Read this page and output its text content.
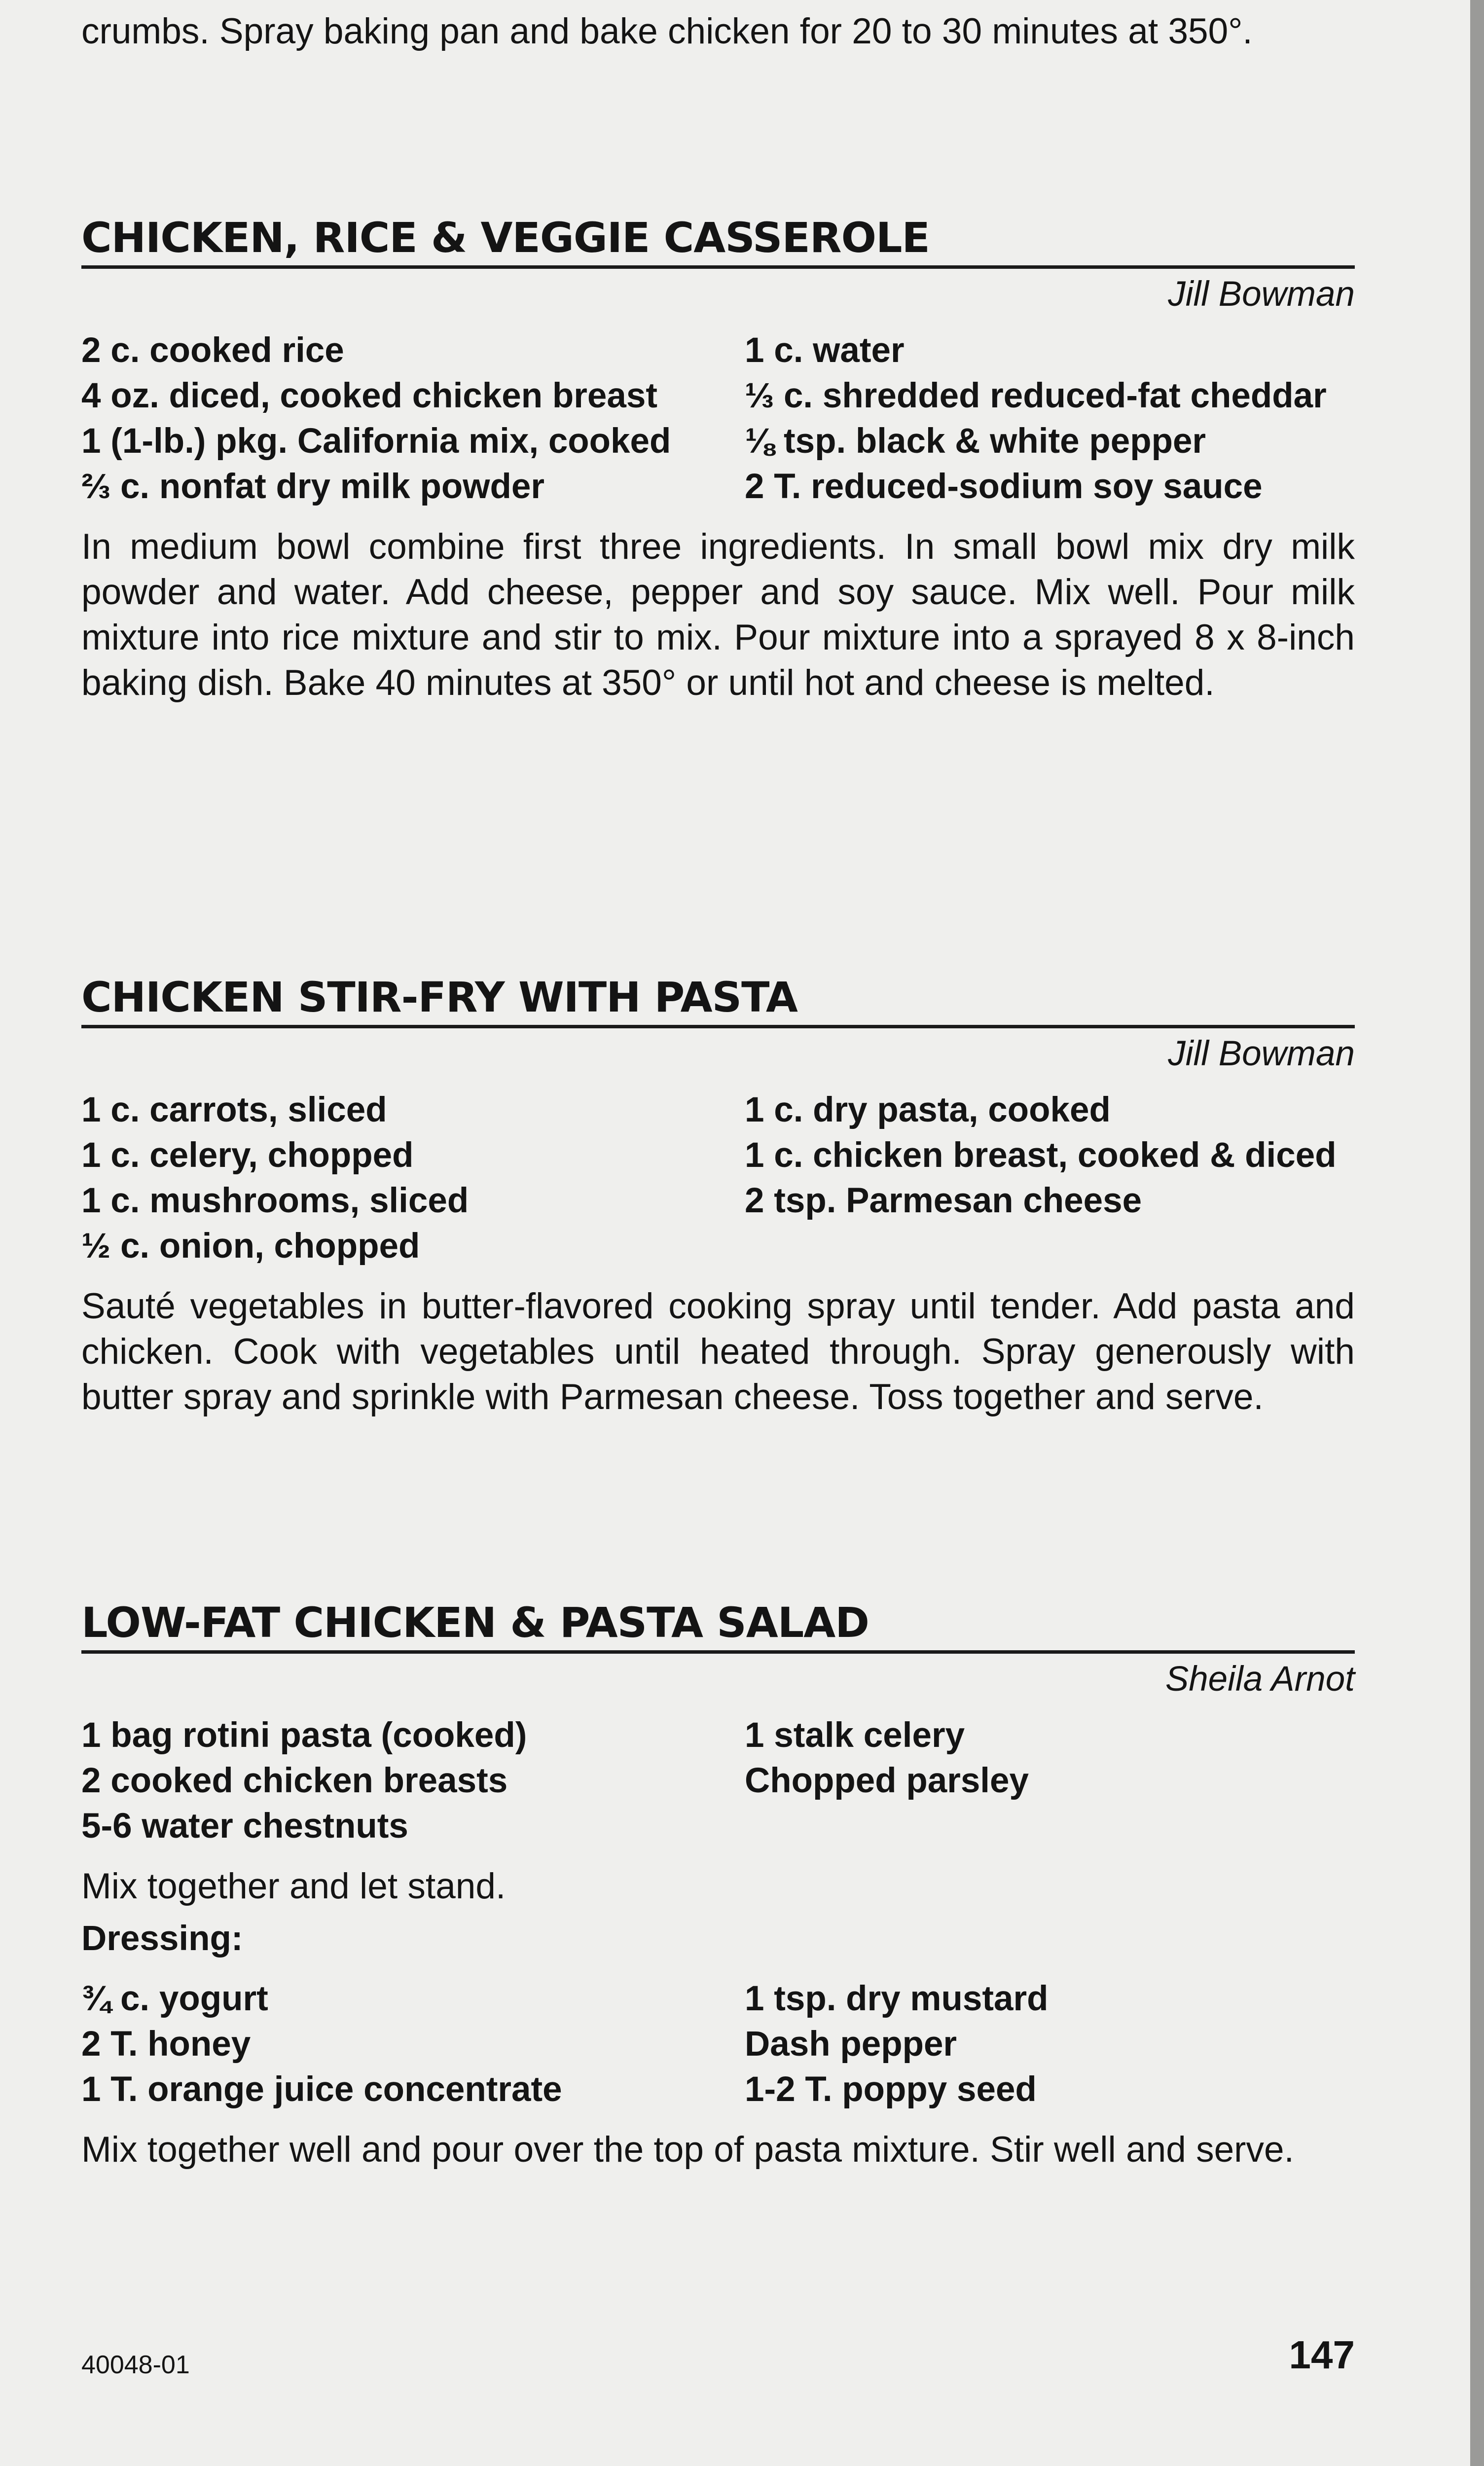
crumbs. Spray baking pan and bake chicken for 20 to 30 minutes at 350°.

CHICKEN, RICE & VEGGIE CASSEROLE

Jill Bowman

2 c. cooked rice

4 oz. diced, cooked chicken breast

1 (1-lb.) pkg. California mix, cooked

⅔ c. nonfat dry milk powder

1 c. water

⅓ c. shredded reduced-fat cheddar

⅛ tsp. black & white pepper

2 T. reduced-sodium soy sauce

In medium bowl combine first three ingredients. In small bowl mix dry milk powder and water. Add cheese, pepper and soy sauce. Mix well. Pour milk mixture into rice mixture and stir to mix. Pour mixture into a sprayed 8 x 8-inch baking dish. Bake 40 minutes at 350° or until hot and cheese is melted.

CHICKEN STIR-FRY WITH PASTA

Jill Bowman

1 c. carrots, sliced

1 c. celery, chopped

1 c. mushrooms, sliced

½ c. onion, chopped

1 c. dry pasta, cooked

1 c. chicken breast, cooked & diced

2 tsp. Parmesan cheese

Sauté vegetables in butter-flavored cooking spray until tender. Add pasta and chicken. Cook with vegetables until heated through. Spray generously with butter spray and sprinkle with Parmesan cheese. Toss together and serve.

LOW-FAT CHICKEN & PASTA SALAD

Sheila Arnot

1 bag rotini pasta (cooked)

2 cooked chicken breasts

5-6 water chestnuts

1 stalk celery

Chopped parsley

Mix together and let stand.

Dressing:

¾ c. yogurt

2 T. honey

1 T. orange juice concentrate

1 tsp. dry mustard

Dash pepper

1-2 T. poppy seed

Mix together well and pour over the top of pasta mixture. Stir well and serve.

40048-01	147
